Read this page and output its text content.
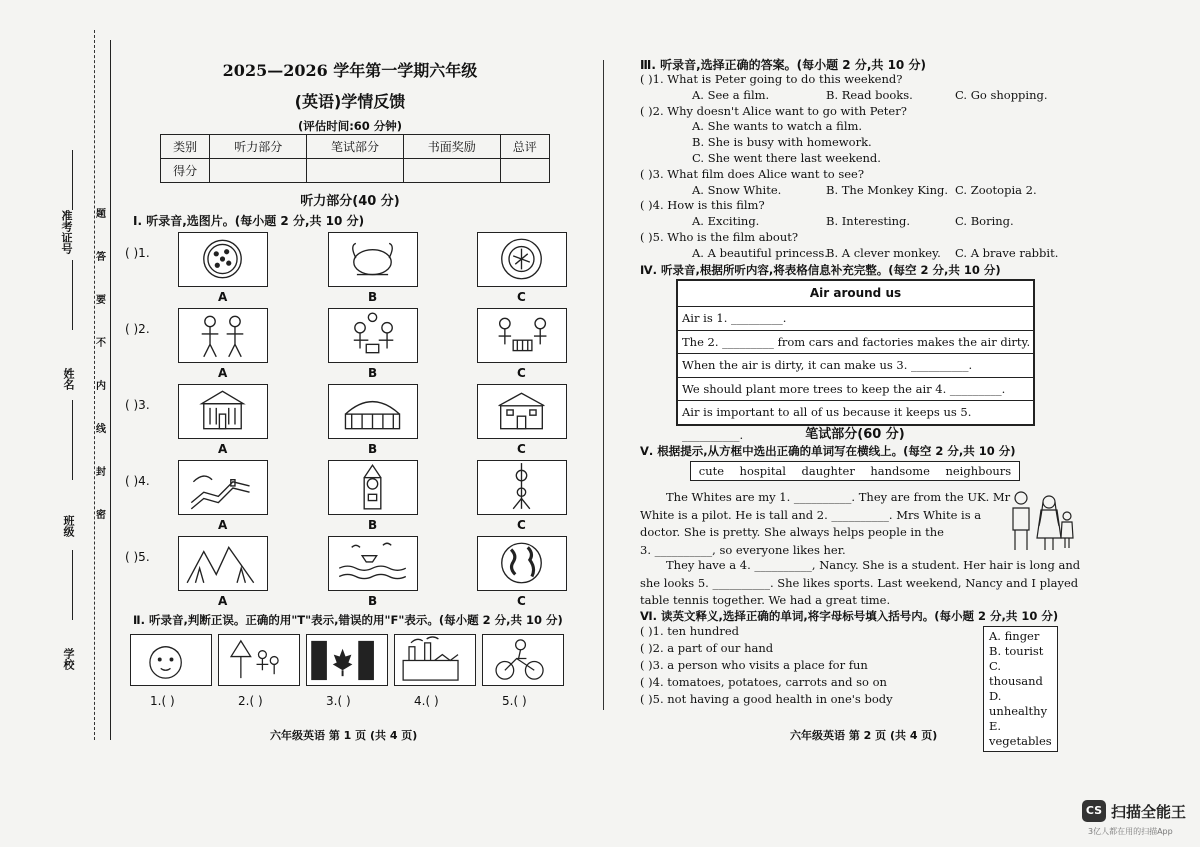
准考证号
姓名
班级
学校
题
答
要
不
内
线
封
密
2025—2026 学年第一学期六年级
(英语)学情反馈
(评估时间:60 分钟)
类别	听力部分	笔试部分	书面奖励	总评
得分				
听力部分(40 分)
Ⅰ. 听录音,选图片。(每小题 2 分,共 10 分)
( )1.
A	B	C
( )2.
A	B	C
( )3.
A	B	C
( )4.
A	B	C
( )5.
A	B	C
Ⅱ. 听录音,判断正误。正确的用"T"表示,错误的用"F"表示。(每小题 2 分,共 10 分)
1.( )	2.( )	3.( )	4.( )	5.( )
六年级英语 第 1 页 (共 4 页)
Ⅲ. 听录音,选择正确的答案。(每小题 2 分,共 10 分)
( )1. What is Peter going to do this weekend?
A. See a film.	B. Read books.	C. Go shopping.
( )2. Why doesn't Alice want to go with Peter?
A. She wants to watch a film.
B. She is busy with homework.
C. She went there last weekend.
( )3. What film does Alice want to see?
A. Snow White.	B. The Monkey King. C. Zootopia 2.
( )4. How is this film?
A. Exciting.	B. Interesting.	C. Boring.
( )5. Who is the film about?
A. A beautiful princess.
B. A clever monkey. C. A brave rabbit.
Ⅳ. 听录音,根据所听内容,将表格信息补充完整。(每空 2 分,共 10 分)
Air around us
Air is 1. _________.
The 2. _________ from cars and factories makes the air dirty.
When the air is dirty, it can make us 3. __________.
We should plant more trees to keep the air 4. _________.
Air is important to all of us because it keeps us 5. __________.	笔试部分(60 分)
Ⅴ. 根据提示,从方框中选出正确的单词写在横线上。(每空 2 分,共 10 分)
cute hospital daughter handsome neighbours
The Whites are my 1. __________. They are from the UK. Mr
White is a pilot. He is tall and 2. __________. Mrs White is a
doctor. She is pretty. She always helps people in the
3. __________, so everyone likes her.
They have a 4. __________, Nancy. She is a student. Her hair is long and
she looks 5. __________. She likes sports. Last weekend, Nancy and I played
table tennis together. We had a great time.
Ⅵ. 读英文释义,选择正确的单词,将字母标号填入括号内。(每小题 2 分,共 10 分)
( )1. ten hundred
( )2. a part of our hand
( )3. a person who visits a place for fun
( )4. tomatoes, potatoes, carrots and so on
( )5. not having a good health in one's body
A. finger
B. tourist
C. thousand
D. unhealthy
E. vegetables
六年级英语 第 2 页 (共 4 页)
CS 扫描全能王
3亿人都在用的扫描App
